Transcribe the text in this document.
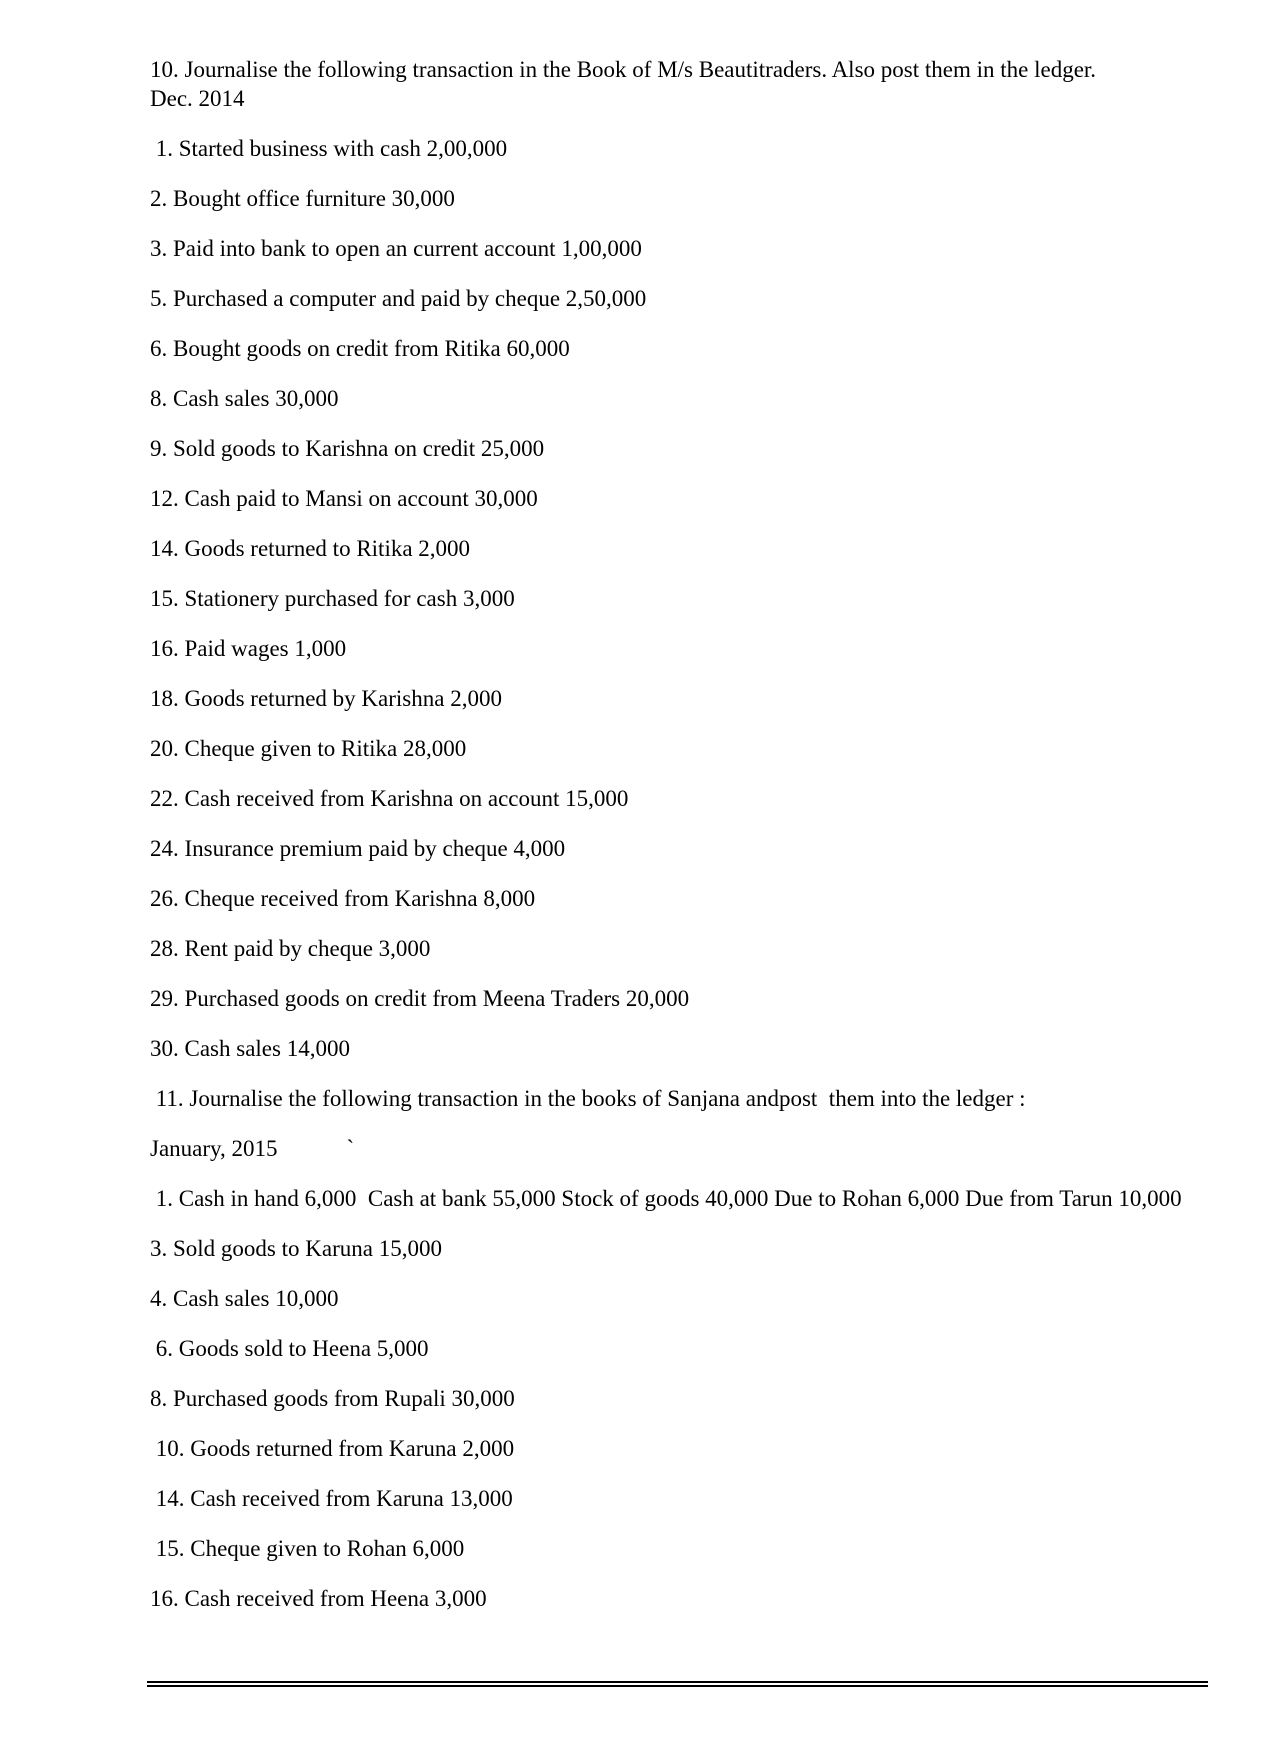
10. Journalise the following transaction in the Book of M/s Beautitraders. Also post them in the ledger.

Dec. 2014

1. Started business with cash 2,00,000

2. Bought office furniture 30,000

3. Paid into bank to open an current account 1,00,000

5. Purchased a computer and paid by cheque 2,50,000

6. Bought goods on credit from Ritika 60,000

8. Cash sales 30,000

9. Sold goods to Karishna on credit 25,000

12. Cash paid to Mansi on account 30,000

14. Goods returned to Ritika 2,000

15. Stationery purchased for cash 3,000

16. Paid wages 1,000

18. Goods returned by Karishna 2,000

20. Cheque given to Ritika 28,000

22. Cash received from Karishna on account 15,000

24. Insurance premium paid by cheque 4,000

26. Cheque received from Karishna 8,000

28. Rent paid by cheque 3,000

29. Purchased goods on credit from Meena Traders 20,000

30. Cash sales 14,000

11. Journalise the following transaction in the books of Sanjana andpost  them into the ledger :

January, 2015            `

1. Cash in hand 6,000  Cash at bank 55,000 Stock of goods 40,000 Due to Rohan 6,000 Due from Tarun 10,000

3. Sold goods to Karuna 15,000

4. Cash sales 10,000

6. Goods sold to Heena 5,000

8. Purchased goods from Rupali 30,000

10. Goods returned from Karuna 2,000

14. Cash received from Karuna 13,000

15. Cheque given to Rohan 6,000

16. Cash received from Heena 3,000
